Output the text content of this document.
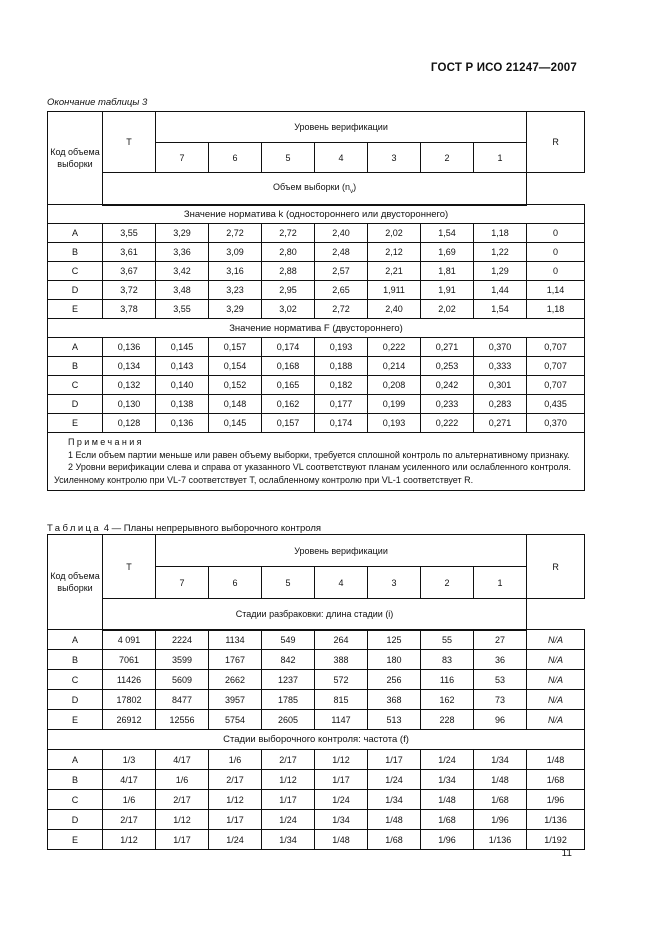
ГОСТ Р ИСО 21247—2007
Окончание таблицы 3
Код объема выборки	T	Уровень верификации							R
		7	6	5	4	3	2	1	
	Объем выборки $(n_v)$								
Значение норматива k (одностороннего или двустороннего)									
A	3,55	3,29	2,72	2,72	2,40	2,02	1,54	1,18	0
B	3,61	3,36	3,09	2,80	2,48	2,12	1,69	1,22	0
C	3,67	3,42	3,16	2,88	2,57	2,21	1,81	1,29	0
D	3,72	3,48	3,23	2,95	2,65	1,911	1,91	1,44	1,14
E	3,78	3,55	3,29	3,02	2,72	2,40	2,02	1,54	1,18
Значение норматива F (двустороннего)									
A	0,136	0,145	0,157	0,174	0,193	0,222	0,271	0,370	0,707
B	0,134	0,143	0,154	0,168	0,188	0,214	0,253	0,333	0,707
C	0,132	0,140	0,152	0,165	0,182	0,208	0,242	0,301	0,707
D	0,130	0,138	0,148	0,162	0,177	0,199	0,233	0,283	0,435
E	0,128	0,136	0,145	0,157	0,174	0,193	0,222	0,271	0,370

Примечания
1 Если объем партии меньше или равен объему выборки, требуется сплошной контроль по альтернативному признаку.
2 Уровни верификации слева и справа от указанного VL соответствуют планам усиленного или ослабленного контроля. Усиленному контролю при VL-7 соответствует T, ослабленному контролю при VL-1 соответствует R.									
Таблица 4 — Планы непрерывного выборочного контроля
Код объема выборки	T	Уровень верификации							R
		7	6	5	4	3	2	1	
	Стадии разбраковки: длина стадии (i)								
A	4 091	2224	1134	549	264	125	55	27	N/A
B	7061	3599	1767	842	388	180	83	36	N/A
C	11426	5609	2662	1237	572	256	116	53	N/A
D	17802	8477	3957	1785	815	368	162	73	N/A
E	26912	12556	5754	2605	1147	513	228	96	N/A
Стадии выборочного контроля: частота (f)									
A	1/3	4/17	1/6	2/17	1/12	1/17	1/24	1/34	1/48
B	4/17	1/6	2/17	1/12	1/17	1/24	1/34	1/48	1/68
C	1/6	2/17	1/12	1/17	1/24	1/34	1/48	1/68	1/96
D	2/17	1/12	1/17	1/24	1/34	1/48	1/68	1/96	1/136
E	1/12	1/17	1/24	1/34	1/48	1/68	1/96	1/136	1/192
11
